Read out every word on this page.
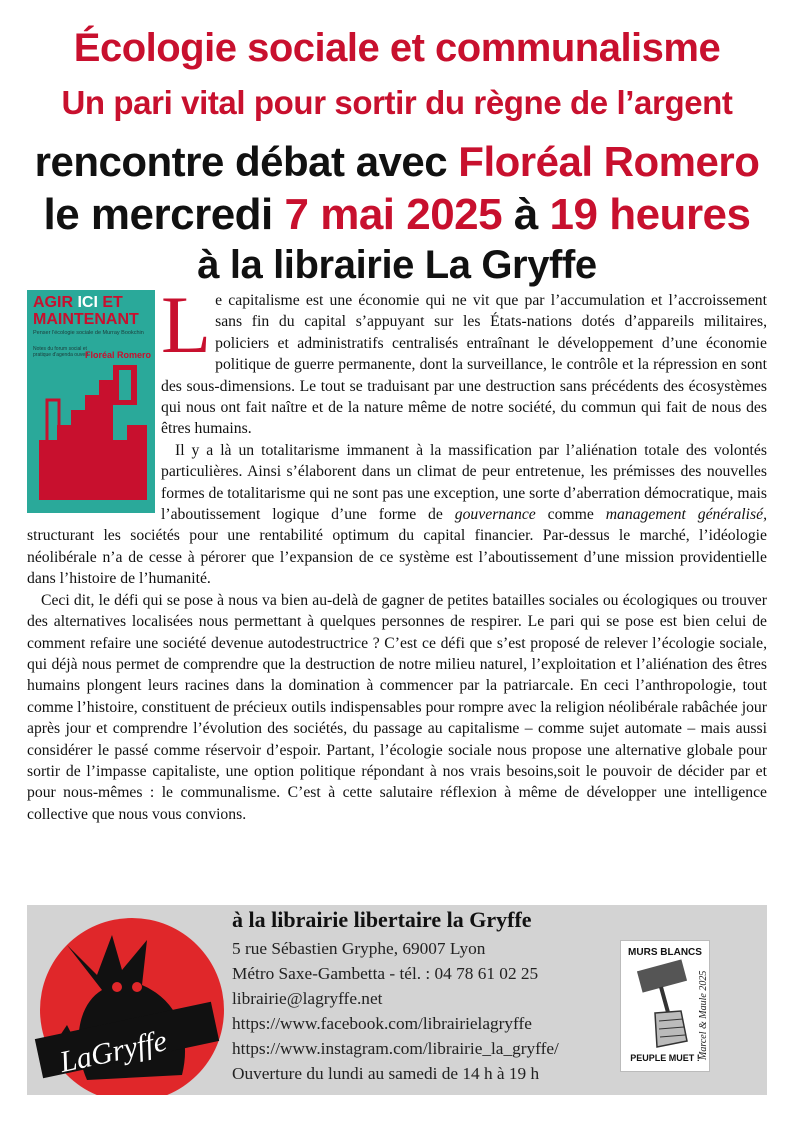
Écologie sociale et communalisme
Un pari vital pour sortir du règne de l’argent
rencontre débat avec Floréal Romero
le mercredi 7 mai 2025 à 19 heures
à la librairie La Gryffe
AGIR ICI ET
MAINTENANT
Penser l'écologie sociale de Murray Bookchin
Notes du forum social et pratique d'agenda ouvert
Floréal Romero Le capitalisme est une économie qui ne vit que par l’accumulation et l’accroissement sans fin du capital s’appuyant sur les États-nations dotés d’appareils militaires, policiers et administratifs centralisés entraînant le développement d’une économie politique de guerre permanente, dont la surveillance, le contrôle et la répression en sont des sous-dimensions. Le tout se traduisant par une destruction sans précédents des écosystèmes qui nous ont fait naître et de la nature même de notre société, du commun qui fait de nous des êtres humains.

Il y a là un totalitarisme immanent à la massification par l’aliénation totale des volontés particulières. Ainsi s’élaborent dans un climat de peur entretenue, les prémisses des nouvelles formes de totalitarisme qui ne sont pas une exception, une sorte d’aberration démocratique, mais l’aboutissement logique d’une forme de gouvernance comme management généralisé, structurant les sociétés pour une rentabilité optimum du capital financier. Par-dessus le marché, l’idéologie néolibérale n’a de cesse à pérorer que l’expansion de ce système est l’aboutissement d’une mission providentielle dans l’histoire de l’humanité.

Ceci dit, le défi qui se pose à nous va bien au-delà de gagner de petites batailles sociales ou écologiques ou trouver des alternatives localisées nous permettant à quelques personnes de respirer. Le pari qui se pose est bien celui de comment refaire une société devenue autodestructrice ? C’est ce défi que s’est proposé de relever l’écologie sociale, qui déjà nous permet de comprendre que la destruction de notre milieu naturel, l’exploitation et l’aliénation des êtres humains plongent leurs racines dans la domination à commencer par la patriarcale. En ceci l’anthropologie, tout comme l’histoire, constituent de précieux outils indispensables pour rompre avec la religion néolibérale rabâchée jour après jour et comprendre l’évolution des sociétés, du passage au capitalisme – comme sujet automate – mais aussi considérer le passé comme réservoir d’espoir. Partant, l’écologie sociale nous propose une alternative globale pour sortir de l’impasse capitaliste, une option politique répondant à nos vrais besoins,soit le pouvoir de décider par et pour nous-mêmes : le communalisme. C’est à cette salutaire réflexion à même de développer une intelligence collective que nous vous convions.

LaGryffe
à la librairie libertaire la Gryffe
5 rue Sébastien Gryphe, 69007 Lyon
Métro Saxe-Gambetta - tél. : 04 78 61 02 25
librairie@lagryffe.net
https://www.facebook.com/librairielagryffe
https://www.instagram.com/librairie_la_gryffe/
Ouverture du lundi au samedi de 14 h à 19 h
MURS BLANCS
PEUPLE MUET !
Marcel & Maule 2025
